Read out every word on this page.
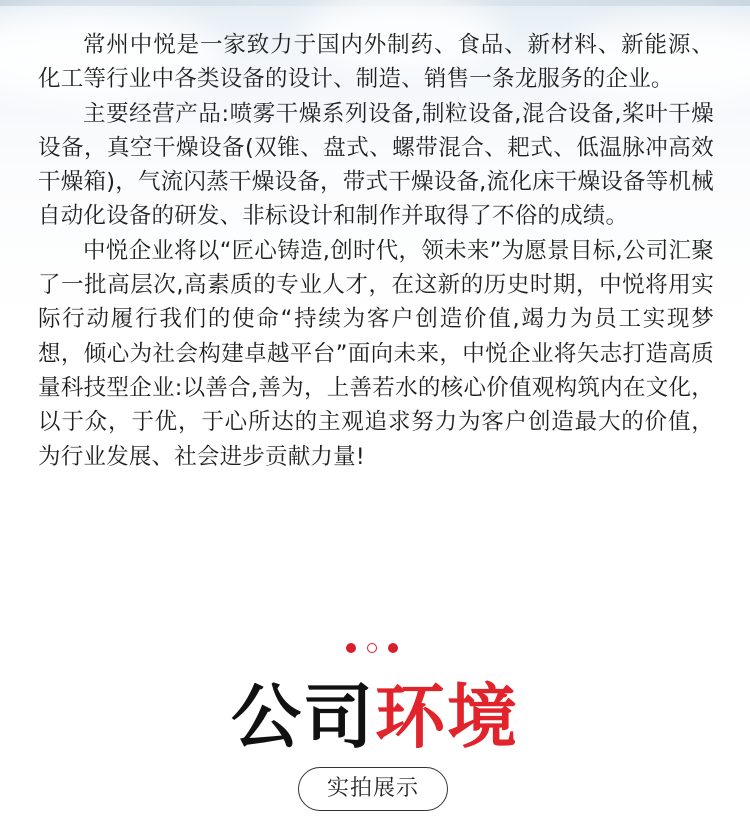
常州中悦是一家致力于国内外制药、食品、新材料、新能源、化工等行业中各类设备的设计、制造、销售一条龙服务的企业。

主要经营产品:喷雾干燥系列设备,制粒设备,混合设备,桨叶干燥设备，真空干燥设备(双锥、盘式、螺带混合、耙式、低温脉冲高效干燥箱)，气流闪蒸干燥设备，带式干燥设备,流化床干燥设备等机械自动化设备的研发、非标设计和制作并取得了不俗的成绩。

中悦企业将以“匠心铸造,创时代，领未来”为愿景目标,公司汇聚了一批高层次,高素质的专业人才，在这新的历史时期，中悦将用实际行动履行我们的使命“持续为客户创造价值,竭力为员工实现梦想，倾心为社会构建卓越平台”面向未来，中悦企业将矢志打造高质量科技型企业:以善合,善为，上善若水的核心价值观构筑内在文化，以于众，于优，于心所达的主观追求努力为客户创造最大的价值，为行业发展、社会进步贡献力量!

公司环境
实拍展示
